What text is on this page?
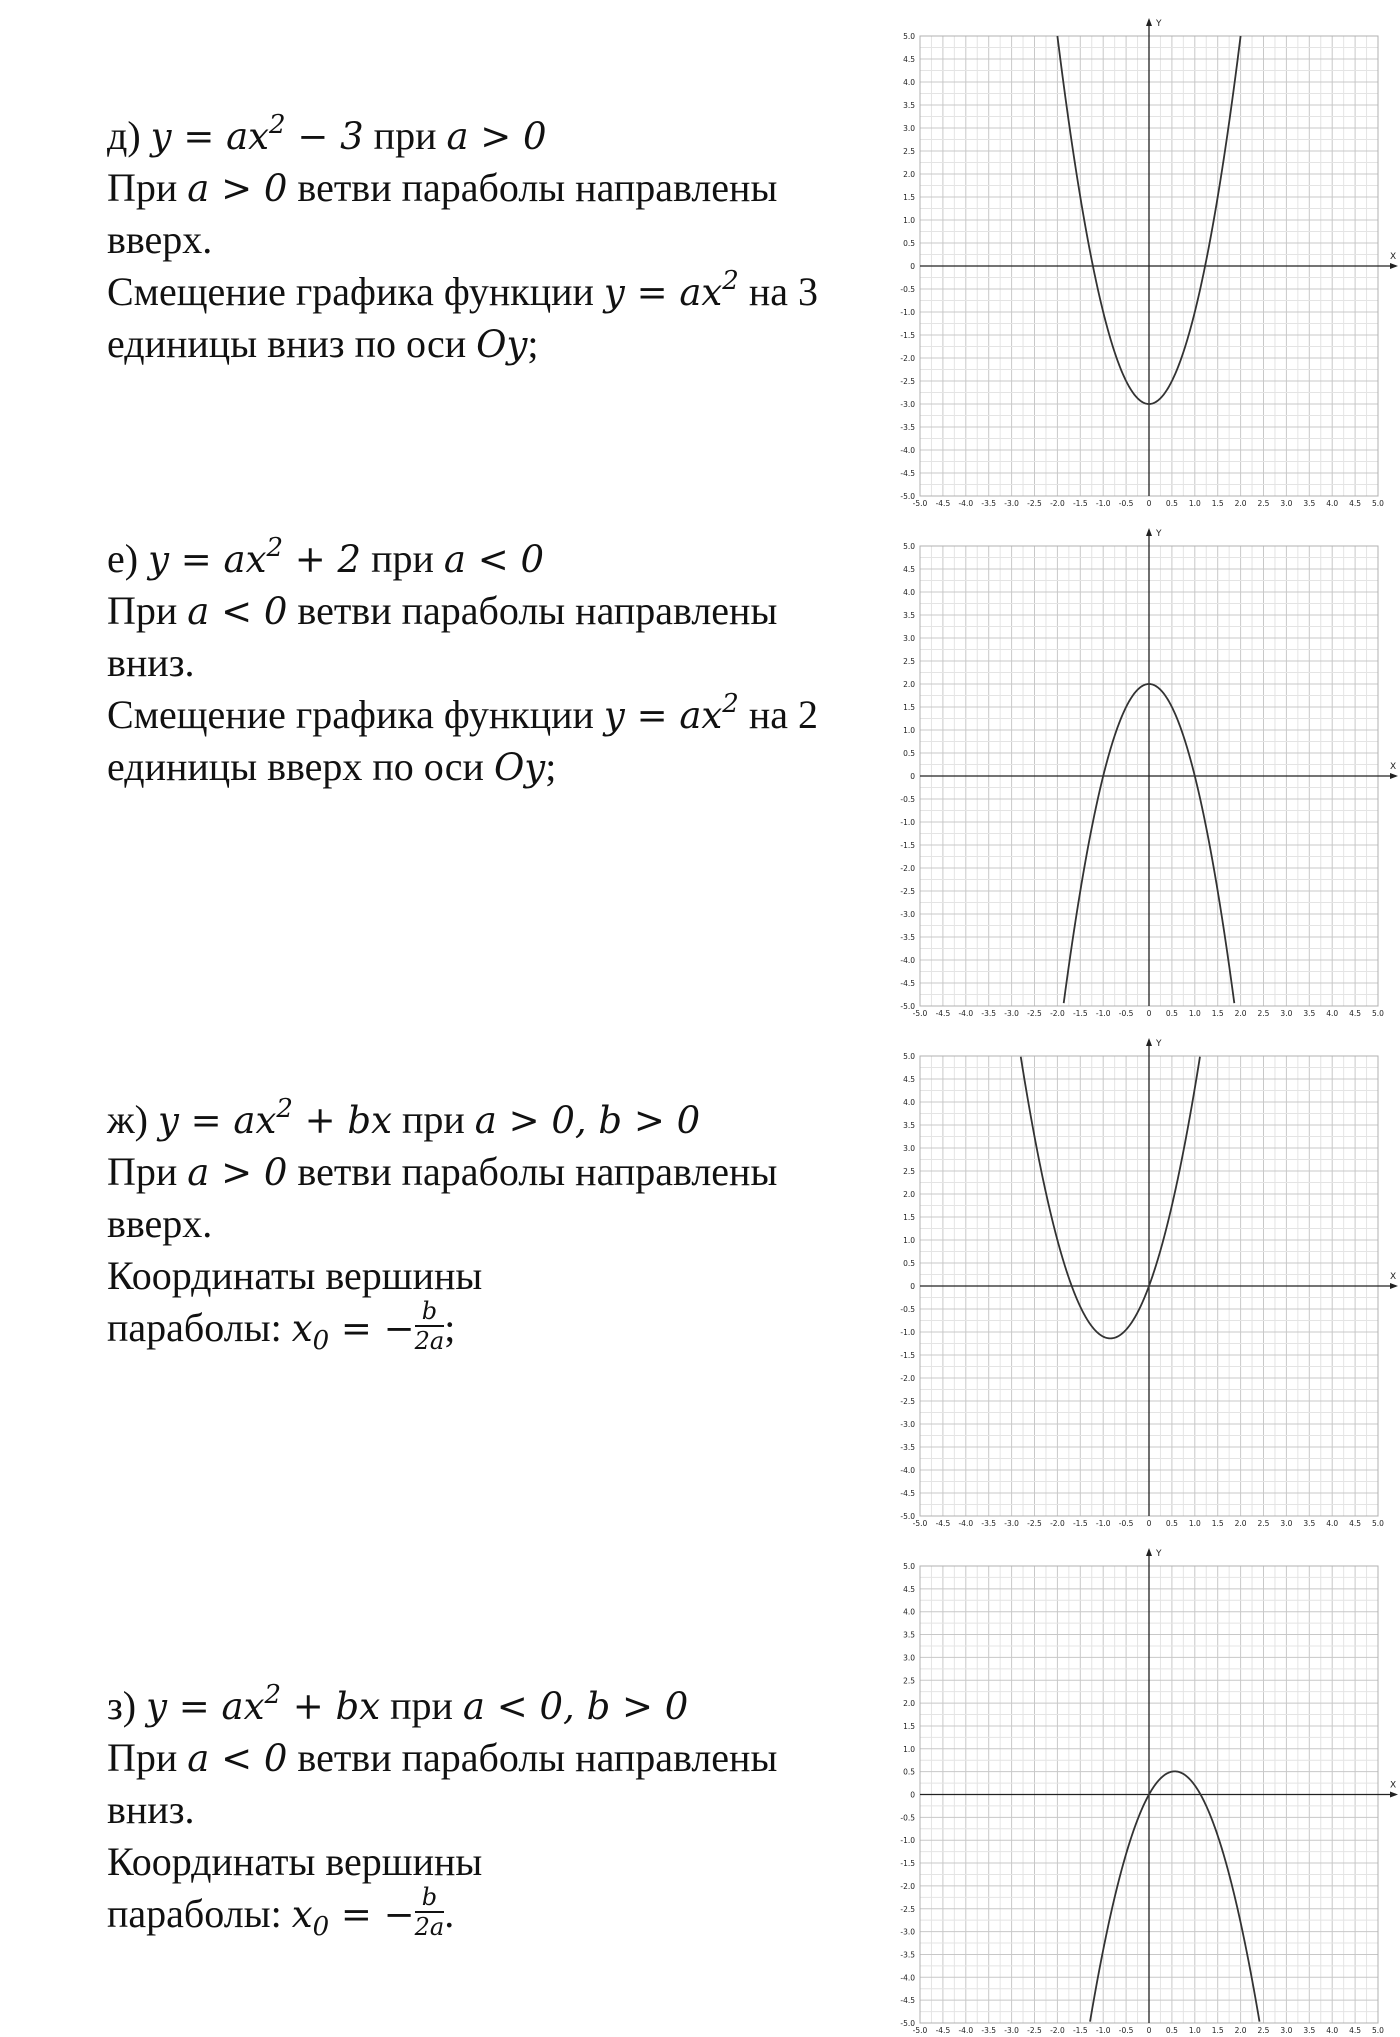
д) $y = ax^2 - 3$ при a > 0
При a > 0 ветви параболы направлены
вверх.
Смещение графика функции $y = ax^2$ на 3
единицы вниз по оси Oy;
е) $y = ax^2 + 2$ при a < 0
При a < 0 ветви параболы направлены
вниз.
Смещение графика функции $y = ax^2$ на 2
единицы вверх по оси Oy;
ж) $y = ax^2$ + bx при a > 0, b > 0
При a > 0 ветви параболы направлены
вверх.
Координаты вершины
параболы: $x_0$ = − $\frac{b}{2a}$ ;
з) $y = ax^2$ + bx при a < 0, b > 0
При a < 0 ветви параболы направлены
вниз.
Координаты вершины
параболы: $x_0$ = − $\frac{b}{2a}$ .
X
Y
-5.0
-5.0
-4.5
-4.5
-4.0
-4.0
-3.5
-3.5
-3.0
-3.0
-2.5
-2.5
-2.0
-2.0
-1.5
-1.5
-1.0
-1.0
-0.5
-0.5
0
0
0.5
0.5
1.0
1.0
1.5
1.5
2.0
2.0
2.5
2.5
3.0
3.0
3.5
3.5
4.0
4.0
4.5
4.5
5.0
5.0
X
Y
-5.0
-5.0
-4.5
-4.5
-4.0
-4.0
-3.5
-3.5
-3.0
-3.0
-2.5
-2.5
-2.0
-2.0
-1.5
-1.5
-1.0
-1.0
-0.5
-0.5
0
0
0.5
0.5
1.0
1.0
1.5
1.5
2.0
2.0
2.5
2.5
3.0
3.0
3.5
3.5
4.0
4.0
4.5
4.5
5.0
5.0
X
Y
-5.0
-5.0
-4.5
-4.5
-4.0
-4.0
-3.5
-3.5
-3.0
-3.0
-2.5
-2.5
-2.0
-2.0
-1.5
-1.5
-1.0
-1.0
-0.5
-0.5
0
0
0.5
0.5
1.0
1.0
1.5
1.5
2.0
2.0
2.5
2.5
3.0
3.0
3.5
3.5
4.0
4.0
4.5
4.5
5.0
5.0
X
Y
-5.0
-5.0
-4.5
-4.5
-4.0
-4.0
-3.5
-3.5
-3.0
-3.0
-2.5
-2.5
-2.0
-2.0
-1.5
-1.5
-1.0
-1.0
-0.5
-0.5
0
0
0.5
0.5
1.0
1.0
1.5
1.5
2.0
2.0
2.5
2.5
3.0
3.0
3.5
3.5
4.0
4.0
4.5
4.5
5.0
5.0
